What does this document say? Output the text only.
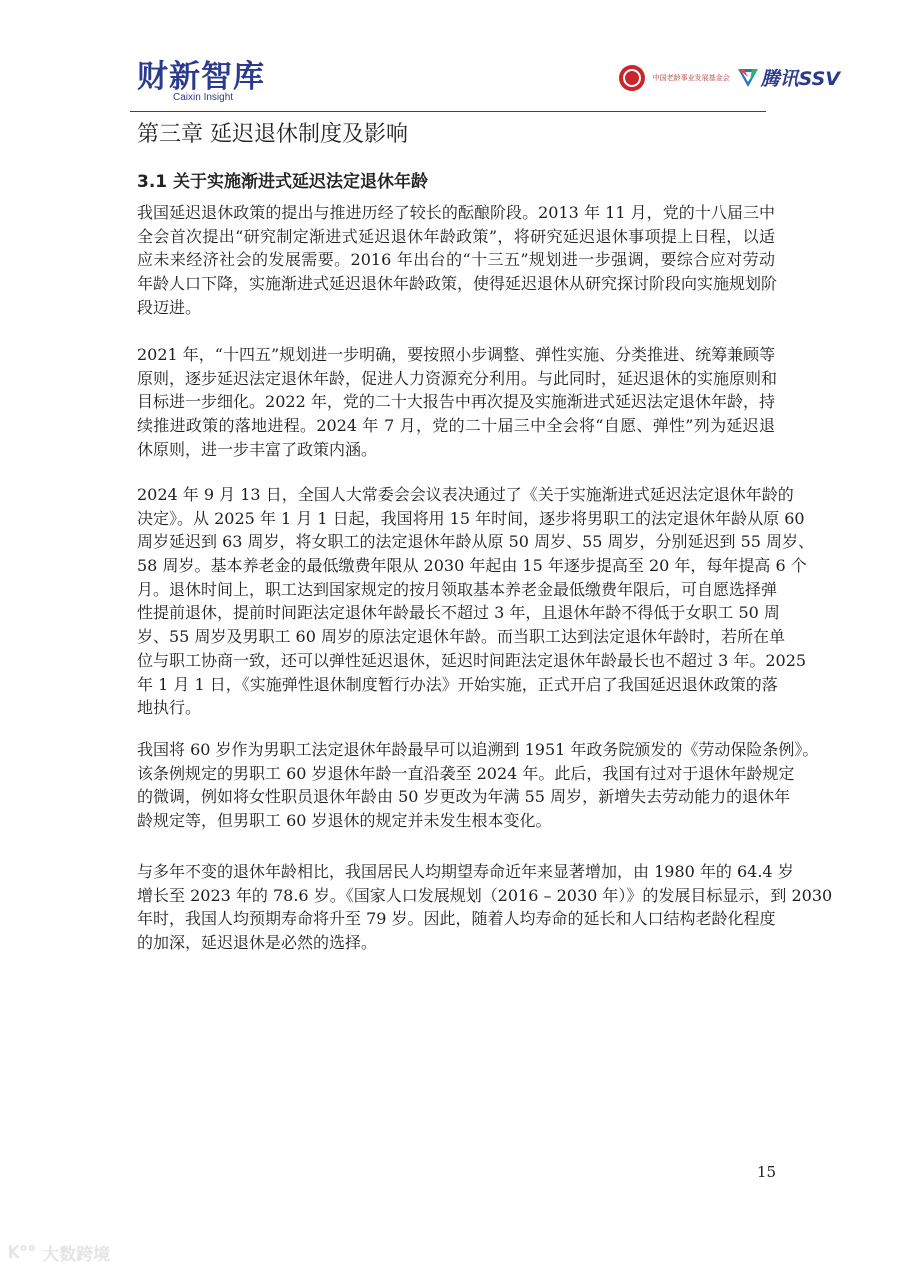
财新智库
Caixin Insight
中国老龄事业发展基金会 腾讯SSV
第三章 延迟退休制度及影响
3.1 关于实施渐进式延迟法定退休年龄
我国延迟退休政策的提出与推进历经了较长的酝酿阶段。2013 年 11 月，党的十八届三中
全会首次提出“研究制定渐进式延迟退休年龄政策”，将研究延迟退休事项提上日程，以适
应未来经济社会的发展需要。2016 年出台的“十三五”规划进一步强调，要综合应对劳动
年龄人口下降，实施渐进式延迟退休年龄政策，使得延迟退休从研究探讨阶段向实施规划阶
段迈进。
2021 年，“十四五”规划进一步明确，要按照小步调整、弹性实施、分类推进、统筹兼顾等
原则，逐步延迟法定退休年龄，促进人力资源充分利用。与此同时，延迟退休的实施原则和
目标进一步细化。2022 年，党的二十大报告中再次提及实施渐进式延迟法定退休年龄，持
续推进政策的落地进程。2024 年 7 月，党的二十届三中全会将“自愿、弹性”列为延迟退
休原则，进一步丰富了政策内涵。
2024 年 9 月 13 日，全国人大常委会会议表决通过了《关于实施渐进式延迟法定退休年龄的
决定》。从 2025 年 1 月 1 日起，我国将用 15 年时间，逐步将男职工的法定退休年龄从原 60
周岁延迟到 63 周岁，将女职工的法定退休年龄从原 50 周岁、55 周岁，分别延迟到 55 周岁、
58 周岁。基本养老金的最低缴费年限从 2030 年起由 15 年逐步提高至 20 年，每年提高 6 个
月。退休时间上，职工达到国家规定的按月领取基本养老金最低缴费年限后，可自愿选择弹
性提前退休，提前时间距法定退休年龄最长不超过 3 年，且退休年龄不得低于女职工 50 周
岁、55 周岁及男职工 60 周岁的原法定退休年龄。而当职工达到法定退休年龄时，若所在单
位与职工协商一致，还可以弹性延迟退休，延迟时间距法定退休年龄最长也不超过 3 年。2025
年 1 月 1 日，《实施弹性退休制度暂行办法》开始实施，正式开启了我国延迟退休政策的落
地执行。
我国将 60 岁作为男职工法定退休年龄最早可以追溯到 1951 年政务院颁发的《劳动保险条例》。
该条例规定的男职工 60 岁退休年龄一直沿袭至 2024 年。此后，我国有过对于退休年龄规定
的微调，例如将女性职员退休年龄由 50 岁更改为年满 55 周岁，新增失去劳动能力的退休年
龄规定等，但男职工 60 岁退休的规定并未发生根本变化。
与多年不变的退休年龄相比，我国居民人均期望寿命近年来显著增加，由 1980 年的 64.4 岁
增长至 2023 年的 78.6 岁。《国家人口发展规划（2016 – 2030 年）》的发展目标显示，到 2030
年时，我国人均预期寿命将升至 79 岁。因此，随着人均寿命的延长和人口结构老龄化程度
的加深，延迟退休是必然的选择。
15
K°° 大数跨境
